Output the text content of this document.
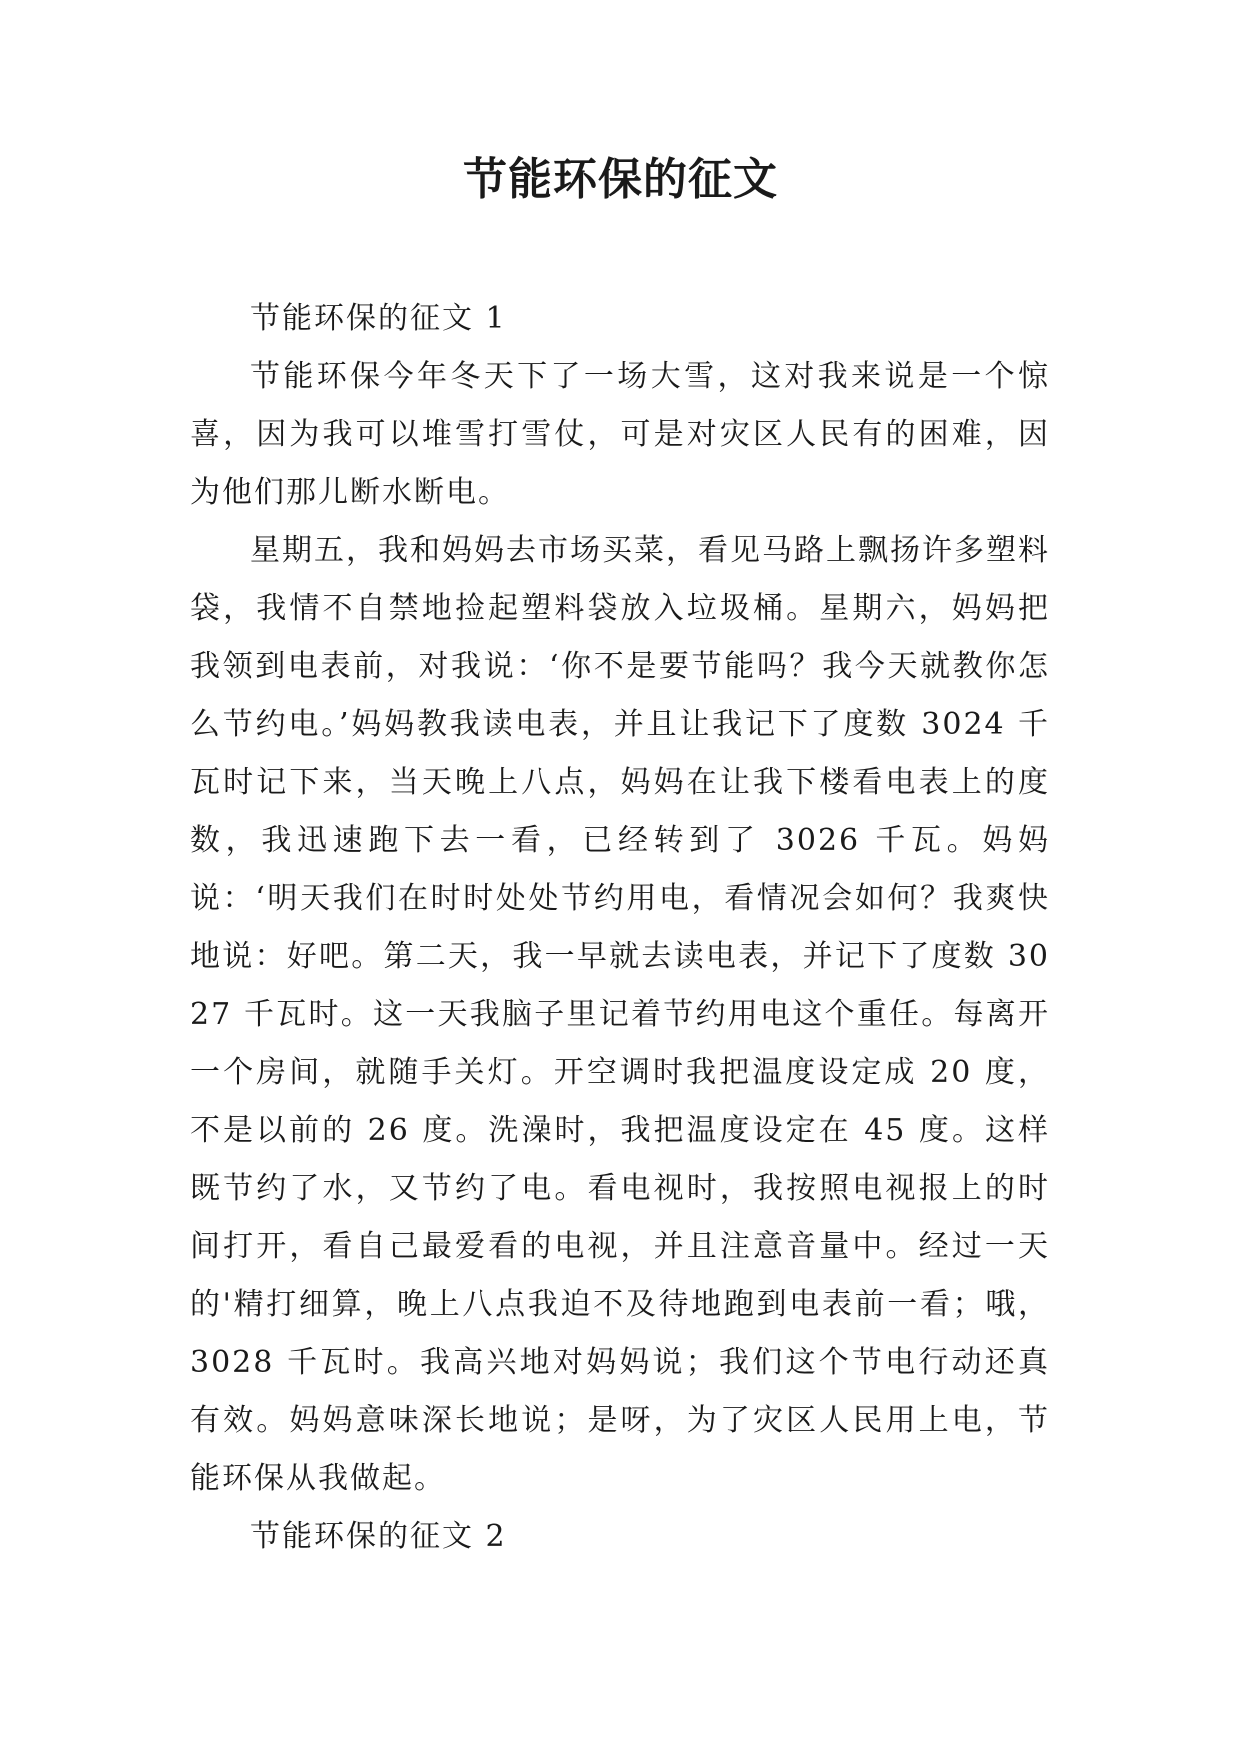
节能环保的征文

节能环保的征文 1

节能环保今年冬天下了一场大雪，这对我来说是一个惊喜，因为我可以堆雪打雪仗，可是对灾区人民有的困难，因为他们那儿断水断电。

星期五，我和妈妈去市场买菜，看见马路上飘扬许多塑料袋，我情不自禁地捡起塑料袋放入垃圾桶。星期六，妈妈把我领到电表前，对我说：‘你不是要节能吗？我今天就教你怎么节约电。’妈妈教我读电表，并且让我记下了度数 3024 千瓦时记下来，当天晚上八点，妈妈在让我下楼看电表上的度数，我迅速跑下去一看，已经转到了 3026 千瓦。妈妈说：‘明天我们在时时处处节约用电，看情况会如何？我爽快地说：好吧。第二天，我一早就去读电表，并记下了度数 3027 千瓦时。这一天我脑子里记着节约用电这个重任。每离开一个房间，就随手关灯。开空调时我把温度设定成 20 度，不是以前的 26 度。洗澡时，我把温度设定在 45 度。这样既节约了水，又节约了电。看电视时，我按照电视报上的时间打开，看自己最爱看的电视，并且注意音量中。经过一天的'精打细算，晚上八点我迫不及待地跑到电表前一看；哦，3028 千瓦时。我高兴地对妈妈说；我们这个节电行动还真有效。妈妈意味深长地说；是呀，为了灾区人民用上电，节能环保从我做起。

节能环保的征文 2
